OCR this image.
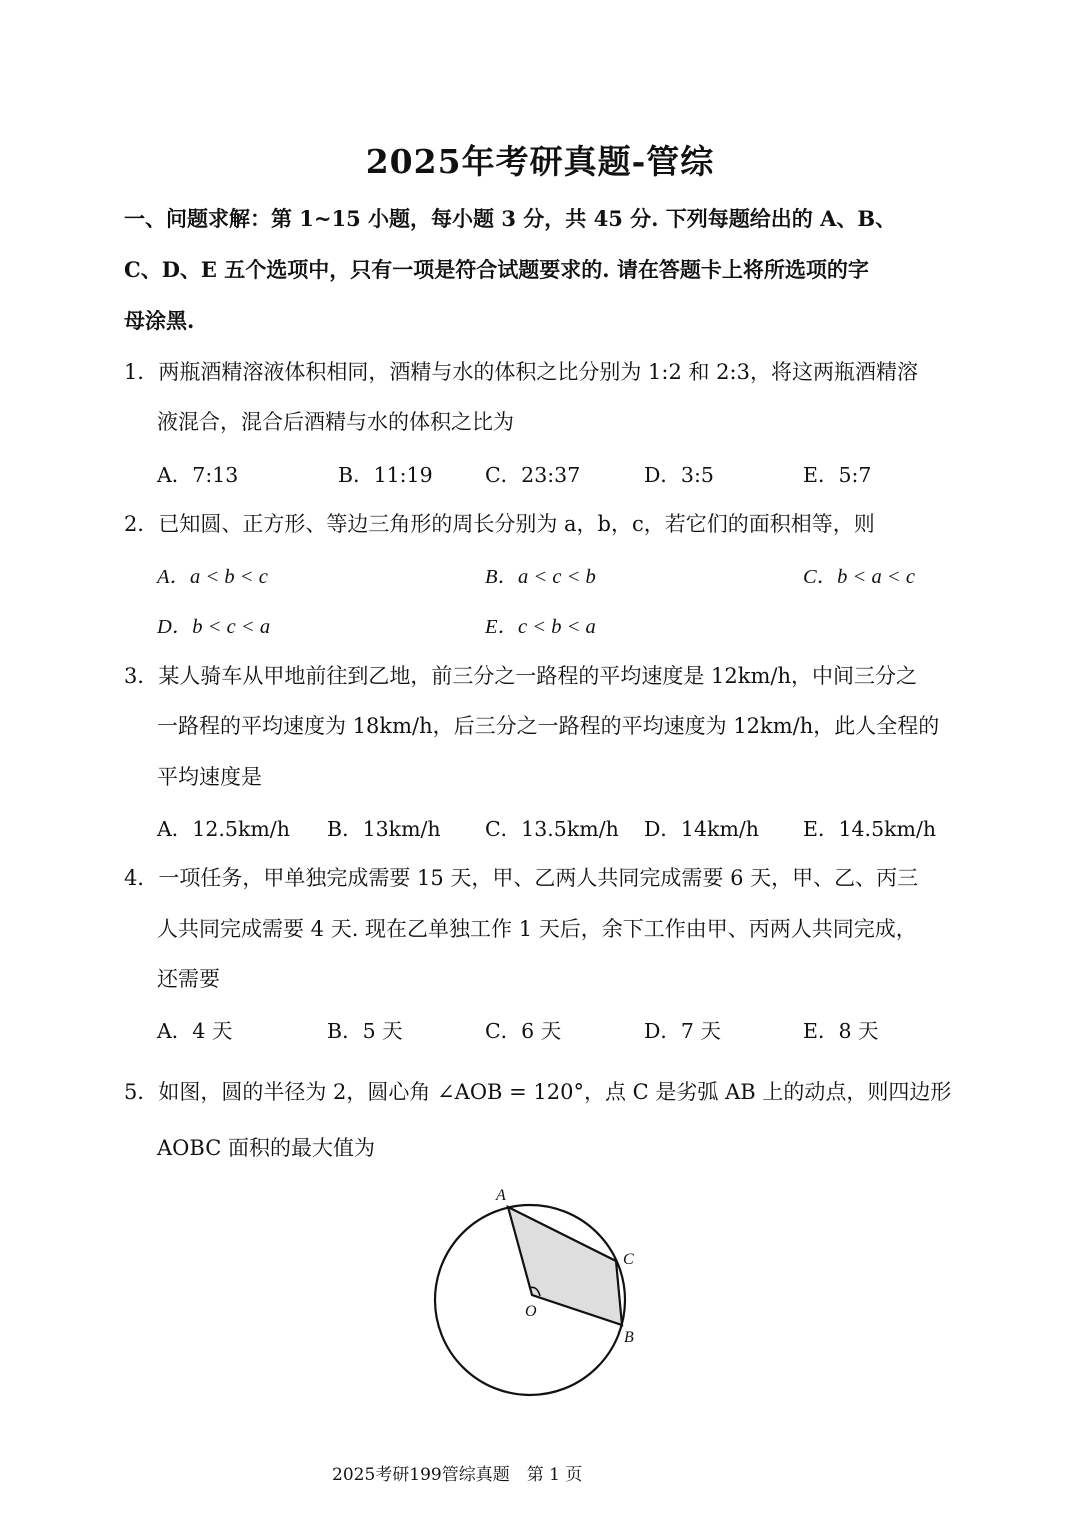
2025年考研真题-管综
一、问题求解：第 1~15 小题，每小题 3 分，共 45 分. 下列每题给出的 A、B、
C、D、E 五个选项中，只有一项是符合试题要求的. 请在答题卡上将所选项的字
母涂黑.
1．两瓶酒精溶液体积相同，酒精与水的体积之比分别为 1:2 和 2:3，将这两瓶酒精溶
液混合，混合后酒精与水的体积之比为
A．7:13	B．11:19	C．23:37	D．3:5	E．5:7
2．已知圆、正方形、等边三角形的周长分别为 a，b，c，若它们的面积相等，则
A．a < b < c	B．a < c < b	C．b < a < c
D．b < c < a	E．c < b < a
3．某人骑车从甲地前往到乙地，前三分之一路程的平均速度是 12km/h，中间三分之
一路程的平均速度为 18km/h，后三分之一路程的平均速度为 12km/h，此人全程的
平均速度是
A．12.5km/h B．13km/h C．13.5km/h D．14km/h E．14.5km/h
4．一项任务，甲单独完成需要 15 天，甲、乙两人共同完成需要 6 天，甲、乙、丙三
人共同完成需要 4 天. 现在乙单独工作 1 天后，余下工作由甲、丙两人共同完成，
还需要
A．4 天	B．5 天	C．6 天	D．7 天	E．8 天
5．如图，圆的半径为 2，圆心角 ∠AOB = 120°，点 C 是劣弧 AB 上的动点，则四边形
AOBC 面积的最大值为
A
C
O
B
2025考研199管综真题　第 1 页
